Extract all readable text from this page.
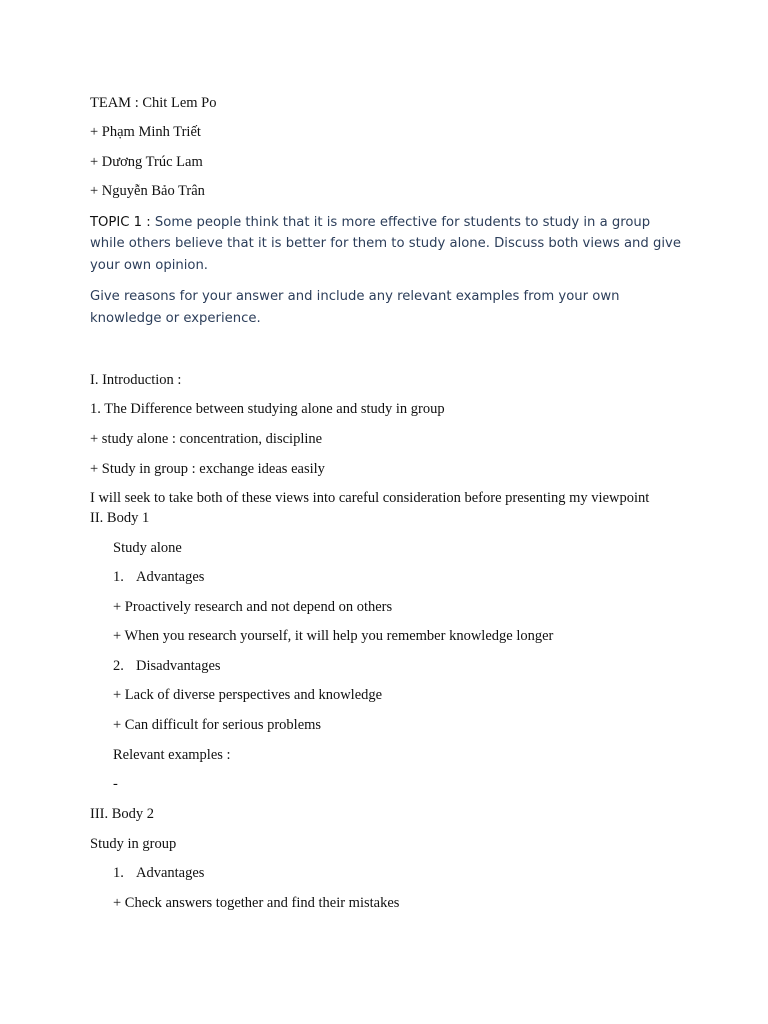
TEAM : Chit Lem Po
+ Phạm Minh Triết
+ Dương Trúc Lam
+ Nguyễn Bảo Trân
TOPIC 1 : Some people think that it is more effective for students to study in a group
while others believe that it is better for them to study alone. Discuss both views and give
your own opinion.
Give reasons for your answer and include any relevant examples from your own
knowledge or experience.
I. Introduction :
1. The Difference between studying alone and study in group
+ study alone : concentration, discipline
+ Study in group : exchange ideas easily
I will seek to take both of these views into careful consideration before presenting my viewpoint
II. Body 1
Study alone
1. Advantages
+ Proactively research and not depend on others
+ When you research yourself, it will help you remember knowledge longer
2. Disadvantages
+ Lack of diverse perspectives and knowledge
+ Can difficult for serious problems
Relevant examples :
-
III. Body 2
Study in group
1. Advantages
+ Check answers together and find their mistakes
